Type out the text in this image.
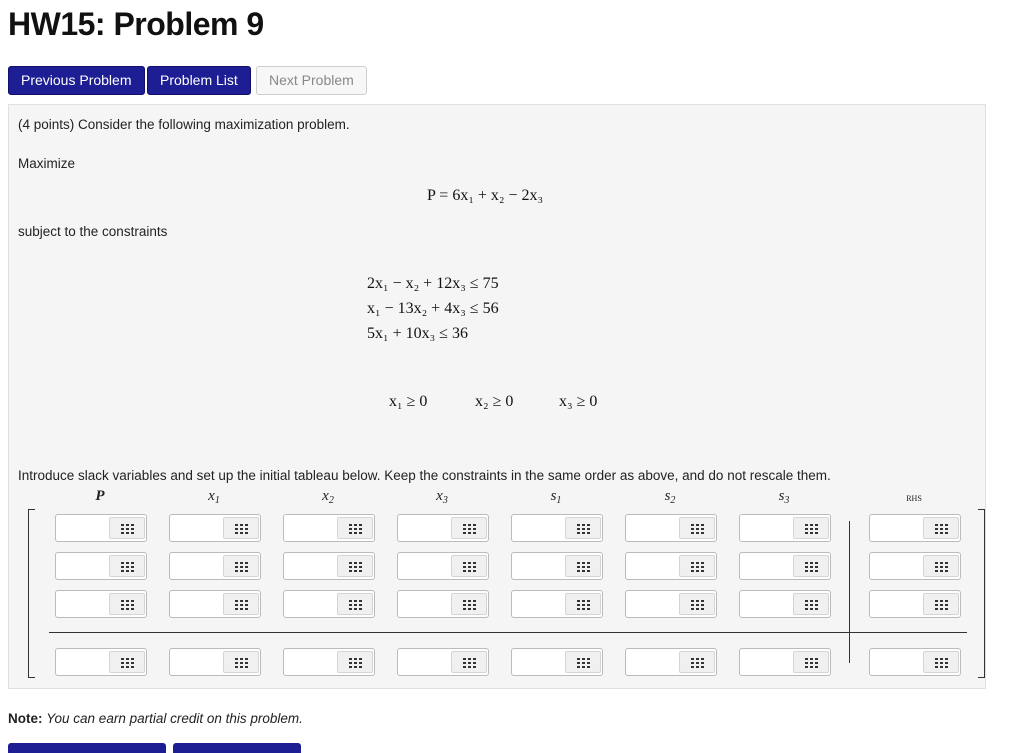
HW15: Problem 9
Previous Problem	Problem List	Next Problem
(4 points) Consider the following maximization problem.
Maximize
P = 6x₁ + x₂ − 2x₃
subject to the constraints
2x₁ − x₂ + 12x₃ ≤ 75
x₁ − 13x₂ + 4x₃ ≤ 56
5x₁ + 10x₃ ≤ 36
x₁ ≥ 0	x₂ ≥ 0	x₃ ≥ 0
Introduce slack variables and set up the initial tableau below. Keep the constraints in the same order as above, and do not rescale them.
P	$x_1$	$x_2$	$x_3$	$s_1$	$s_2$	$s_3$	RHS
Note: You can earn partial credit on this problem.
